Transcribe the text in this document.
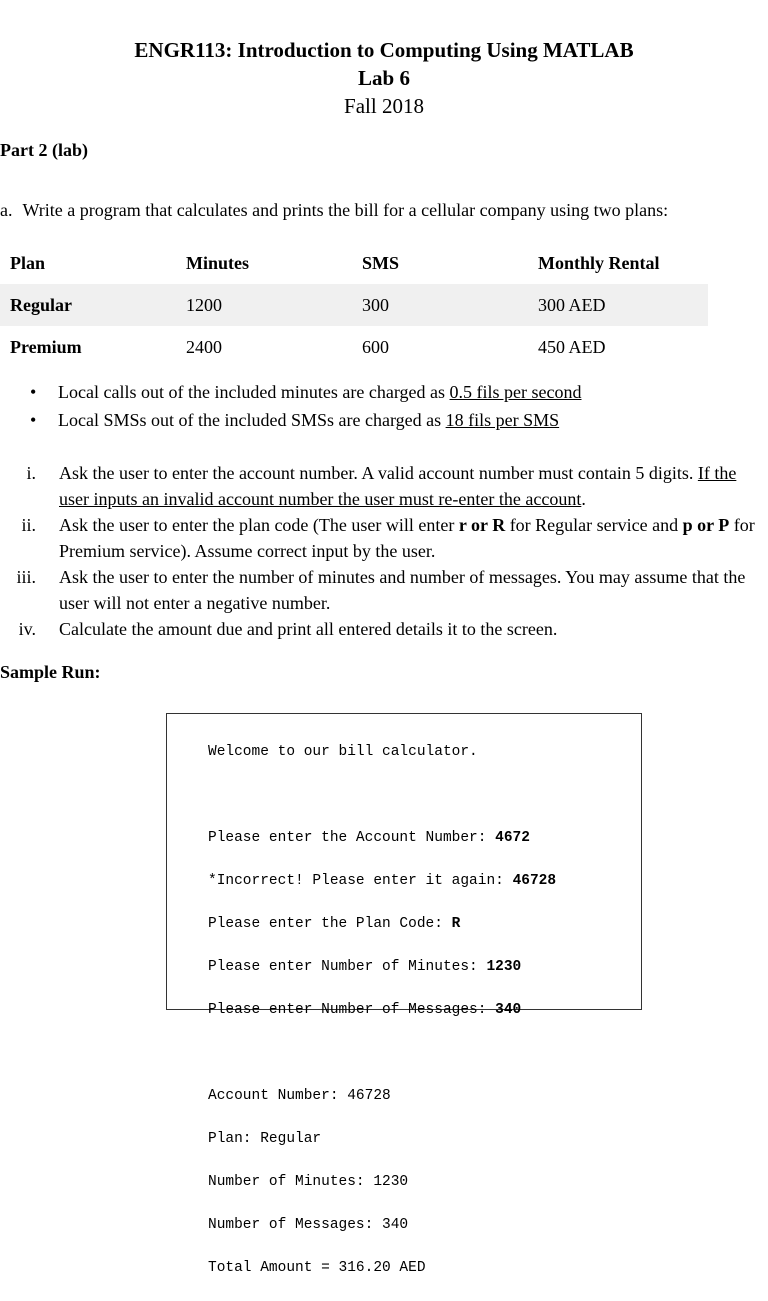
ENGR113: Introduction to Computing Using MATLAB
Lab 6
Fall 2018
Part 2 (lab)
a. Write a program that calculates and prints the bill for a cellular company using two plans:
Plan	Minutes	SMS	Monthly Rental
Regular	1200	300	300 AED
Premium	2400	600	450 AED
• Local calls out of the included minutes are charged as 0.5 fils per second
• Local SMSs out of the included SMSs are charged as 18 fils per SMS
i. Ask the user to enter the account number. A valid account number must contain 5 digits. If the user inputs an invalid account number the user must re-enter the account.
ii. Ask the user to enter the plan code (The user will enter r or R for Regular service and p or P for Premium service). Assume correct input by the user.
iii. Ask the user to enter the number of minutes and number of messages. You may assume that the user will not enter a negative number.
iv. Calculate the amount due and print all entered details it to the screen.
Sample Run:

Welcome to our bill calculator.

Please enter the Account Number: 4672

*Incorrect! Please enter it again: 46728

Please enter the Plan Code: R

Please enter Number of Minutes: 1230

Please enter Number of Messages: 340

Account Number: 46728

Plan: Regular

Number of Minutes: 1230

Number of Messages: 340

Total Amount = 316.20 AED
